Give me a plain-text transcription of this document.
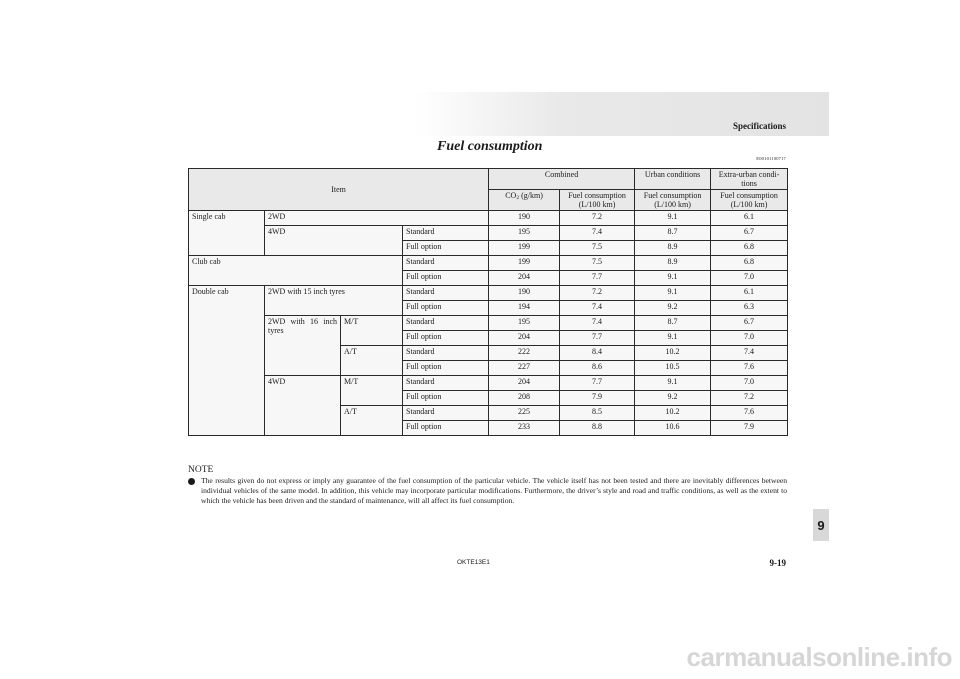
Specifications
Fuel consumption
E00101100717
Item				Combined		Urban conditions	Extra-urban condi- tions
				$CO_2$ (g/km)	Fuel consumption (L/100 km)	Fuel consumption (L/100 km)	Fuel consumption (L/100 km)
Single cab	2WD			190	7.2	9.1	6.1
	4WD		Standard	195	7.4	8.7	6.7
			Full option	199	7.5	8.9	6.8
Club cab			Standard	199	7.5	8.9	6.8
			Full option	204	7.7	9.1	7.0
Double cab	2WD with 15 inch tyres		Standard	190	7.2	9.1	6.1
			Full option	194	7.4	9.2	6.3
	2WD with 16 inch tyres	M/T	Standard	195	7.4	8.7	6.7
			Full option	204	7.7	9.1	7.0
		A/T	Standard	222	8.4	10.2	7.4
			Full option	227	8.6	10.5	7.6
	4WD	M/T	Standard	204	7.7	9.1	7.0
			Full option	208	7.9	9.2	7.2
		A/T	Standard	225	8.5	10.2	7.6
			Full option	233	8.8	10.6	7.9
NOTE
The results given do not express or imply any guarantee of the fuel consumption of the particular vehicle. The vehicle itself has not been tested and there are inevitably differences between individual vehicles of the same model. In addition, this vehicle may incorporate particular modifications. Furthermore, the driver’s style and road and traffic conditions, as well as the extent to which the vehicle has been driven and the standard of maintenance, will all affect its fuel consumption.
9
OKTE13E1	9-19
carmanualsonline.info
